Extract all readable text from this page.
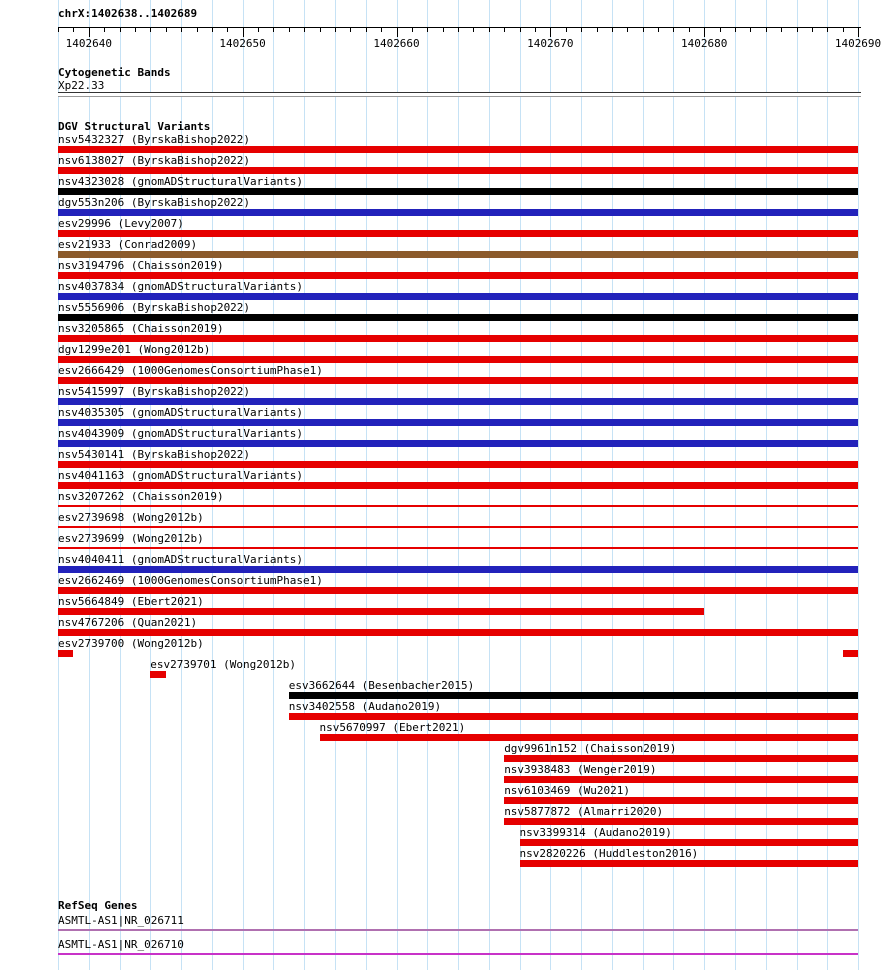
chrX:1402638..1402689
1402640	1402650	1402660	1402670	1402680	1402690
Cytogenetic Bands
Xp22.33
DGV Structural Variants
nsv5432327 (ByrskaBishop2022)
nsv6138027 (ByrskaBishop2022)
nsv4323028 (gnomADStructuralVariants)
dgv553n206 (ByrskaBishop2022)
esv29996 (Levy2007)
esv21933 (Conrad2009)
nsv3194796 (Chaisson2019)
nsv4037834 (gnomADStructuralVariants)
nsv5556906 (ByrskaBishop2022)
nsv3205865 (Chaisson2019)
dgv1299e201 (Wong2012b)
esv2666429 (1000GenomesConsortiumPhase1)
nsv5415997 (ByrskaBishop2022)
nsv4035305 (gnomADStructuralVariants)
nsv4043909 (gnomADStructuralVariants)
nsv5430141 (ByrskaBishop2022)
nsv4041163 (gnomADStructuralVariants)
nsv3207262 (Chaisson2019)
esv2739698 (Wong2012b)
esv2739699 (Wong2012b)
nsv4040411 (gnomADStructuralVariants)
esv2662469 (1000GenomesConsortiumPhase1)
nsv5664849 (Ebert2021)
nsv4767206 (Quan2021)
esv2739700 (Wong2012b)
esv2739701 (Wong2012b)
esv3662644 (Besenbacher2015)
nsv3402558 (Audano2019)
nsv5670997 (Ebert2021)
dgv9961n152 (Chaisson2019)
nsv3938483 (Wenger2019)
nsv6103469 (Wu2021)
nsv5877872 (Almarri2020)
nsv3399314 (Audano2019)
nsv2820226 (Huddleston2016)
RefSeq Genes
ASMTL-AS1|NR_026711
ASMTL-AS1|NR_026710
